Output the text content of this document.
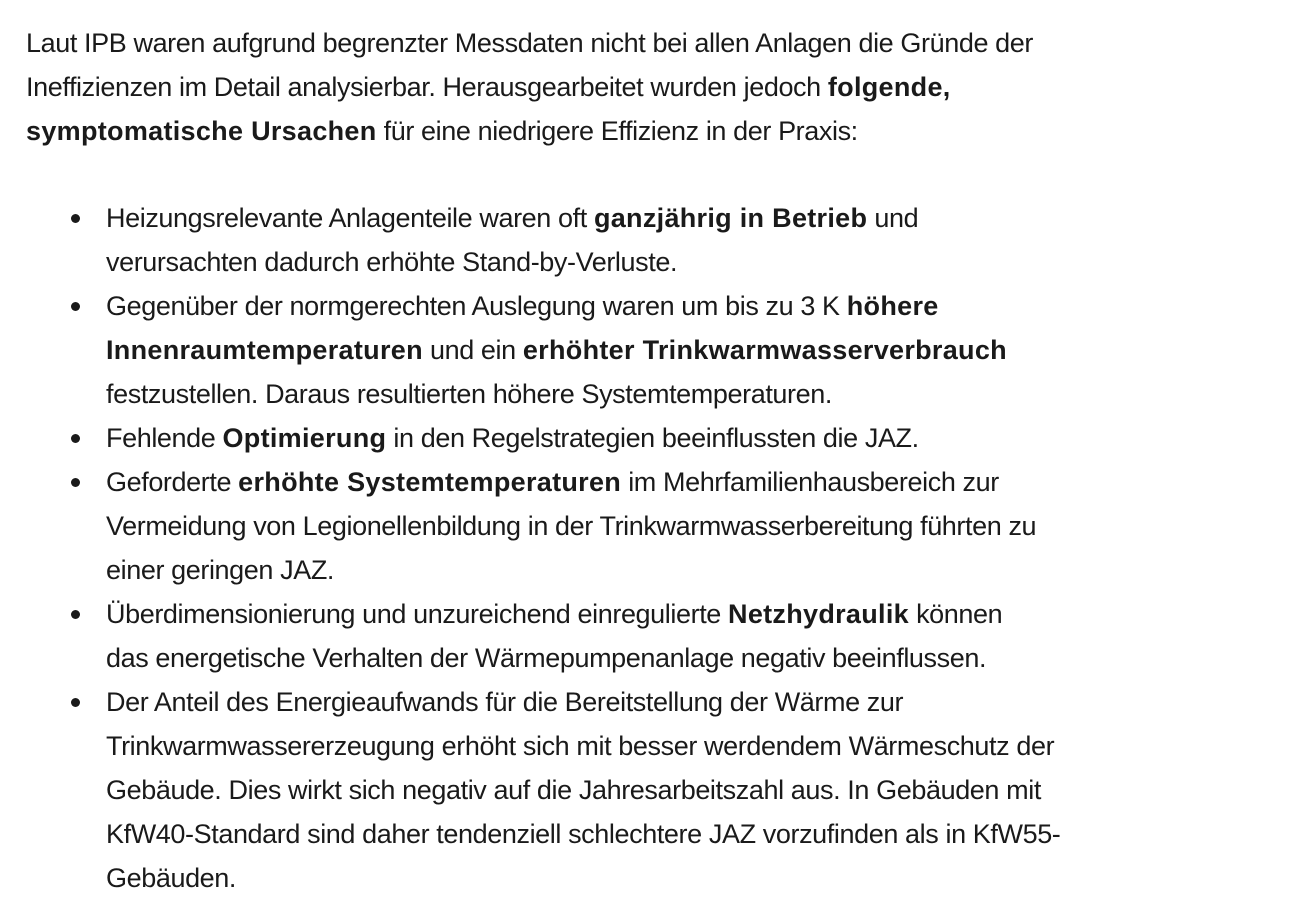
Laut IPB waren aufgrund begrenzter Messdaten nicht bei allen Anlagen die Gründe der
Ineffizienzen im Detail analysierbar. Herausgearbeitet wurden jedoch folgende,
symptomatische Ursachen für eine niedrigere Effizienz in der Praxis:

Heizungsrelevante Anlagenteile waren oft ganzjährig in Betrieb und
verursachten dadurch erhöhte Stand-by-Verluste.
Gegenüber der normgerechten Auslegung waren um bis zu 3 K höhere
Innenraumtemperaturen und ein erhöhter Trinkwarmwasserverbrauch
festzustellen. Daraus resultierten höhere Systemtemperaturen.
Fehlende Optimierung in den Regelstrategien beeinflussten die JAZ.
Geforderte erhöhte Systemtemperaturen im Mehrfamilienhausbereich zur
Vermeidung von Legionellenbildung in der Trinkwarmwasserbereitung führten zu
einer geringen JAZ.
Überdimensionierung und unzureichend einregulierte Netzhydraulik können
das energetische Verhalten der Wärmepumpenanlage negativ beeinflussen.
Der Anteil des Energieaufwands für die Bereitstellung der Wärme zur
Trinkwarmwassererzeugung erhöht sich mit besser werdendem Wärmeschutz der
Gebäude. Dies wirkt sich negativ auf die Jahresarbeitszahl aus. In Gebäuden mit
KfW40-Standard sind daher tendenziell schlechtere JAZ vorzufinden als in KfW55-
Gebäuden.
